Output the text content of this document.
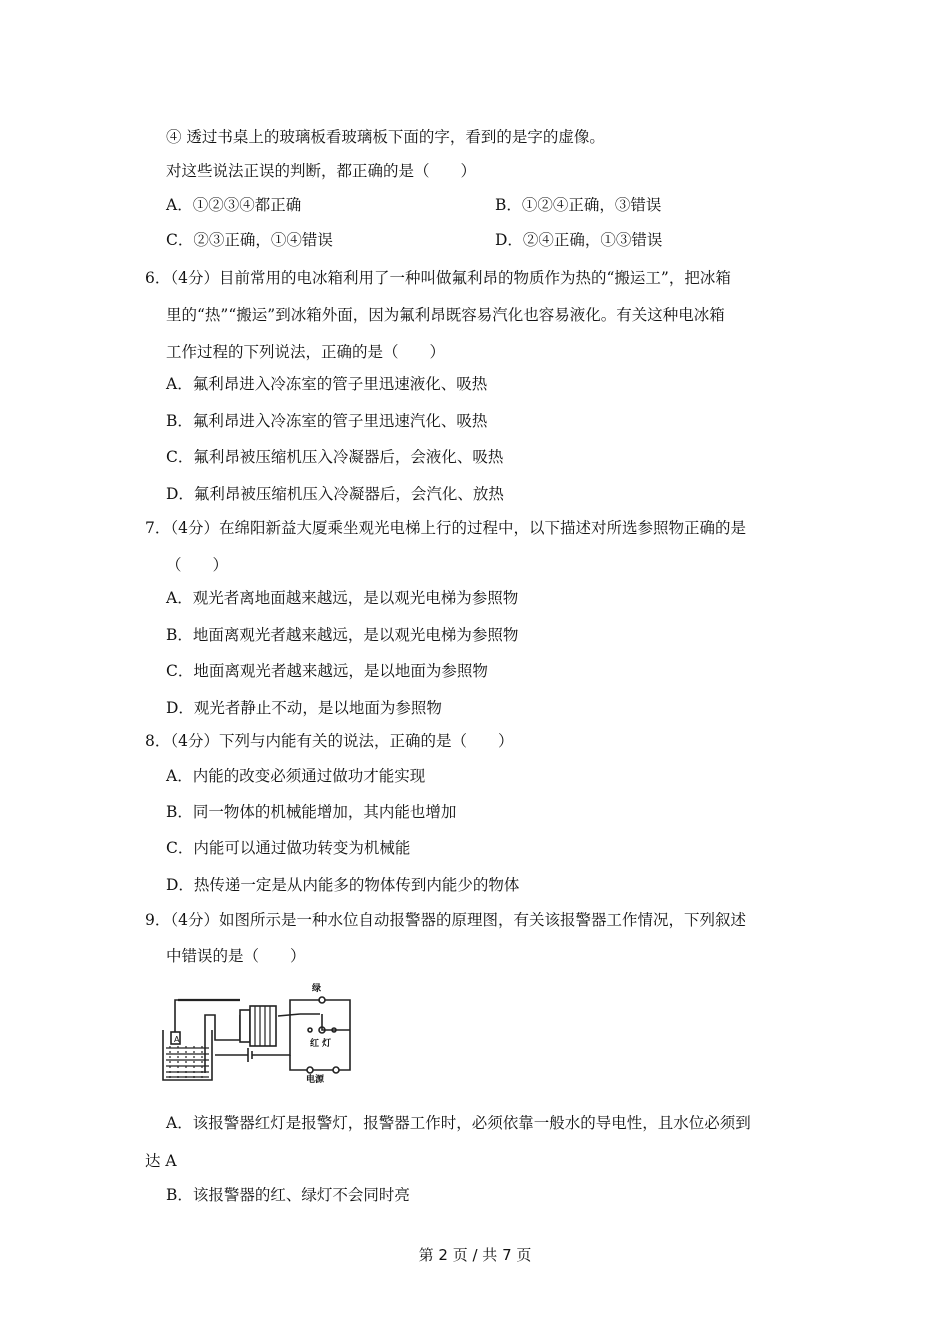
④ 透过书桌上的玻璃板看玻璃板下面的字，看到的是字的虚像。
对这些说法正误的判断，都正确的是（　　）
A．①②③④都正确	B．①②④正确，③错误
C．②③正确，①④错误	D．②④正确，①③错误
6．（4分）目前常用的电冰箱利用了一种叫做氟利昂的物质作为热的“搬运工”，把冰箱
里的“热”“搬运”到冰箱外面，因为氟利昂既容易汽化也容易液化。有关这种电冰箱
工作过程的下列说法，正确的是（　　）
A．氟利昂进入冷冻室的管子里迅速液化、吸热
B．氟利昂进入冷冻室的管子里迅速汽化、吸热
C．氟利昂被压缩机压入冷凝器后，会液化、吸热
D．氟利昂被压缩机压入冷凝器后，会汽化、放热
7．（4分）在绵阳新益大厦乘坐观光电梯上行的过程中，以下描述对所选参照物正确的是
（　　）
A．观光者离地面越来越远，是以观光电梯为参照物
B．地面离观光者越来越远，是以观光电梯为参照物
C．地面离观光者越来越远，是以地面为参照物
D．观光者静止不动，是以地面为参照物
8．（4分）下列与内能有关的说法，正确的是（　　）
A．内能的改变必须通过做功才能实现
B．同一物体的机械能增加，其内能也增加
C．内能可以通过做功转变为机械能
D．热传递一定是从内能多的物体传到内能少的物体
9．（4分）如图所示是一种水位自动报警器的原理图，有关该报警器工作情况，下列叙述
中错误的是（　　）
A
绿
红 灯
电源
A．该报警器红灯是报警灯，报警器工作时，必须依靠一般水的导电性，且水位必须到
达 A
B．该报警器的红、绿灯不会同时亮
第 2 页 / 共 7 页
